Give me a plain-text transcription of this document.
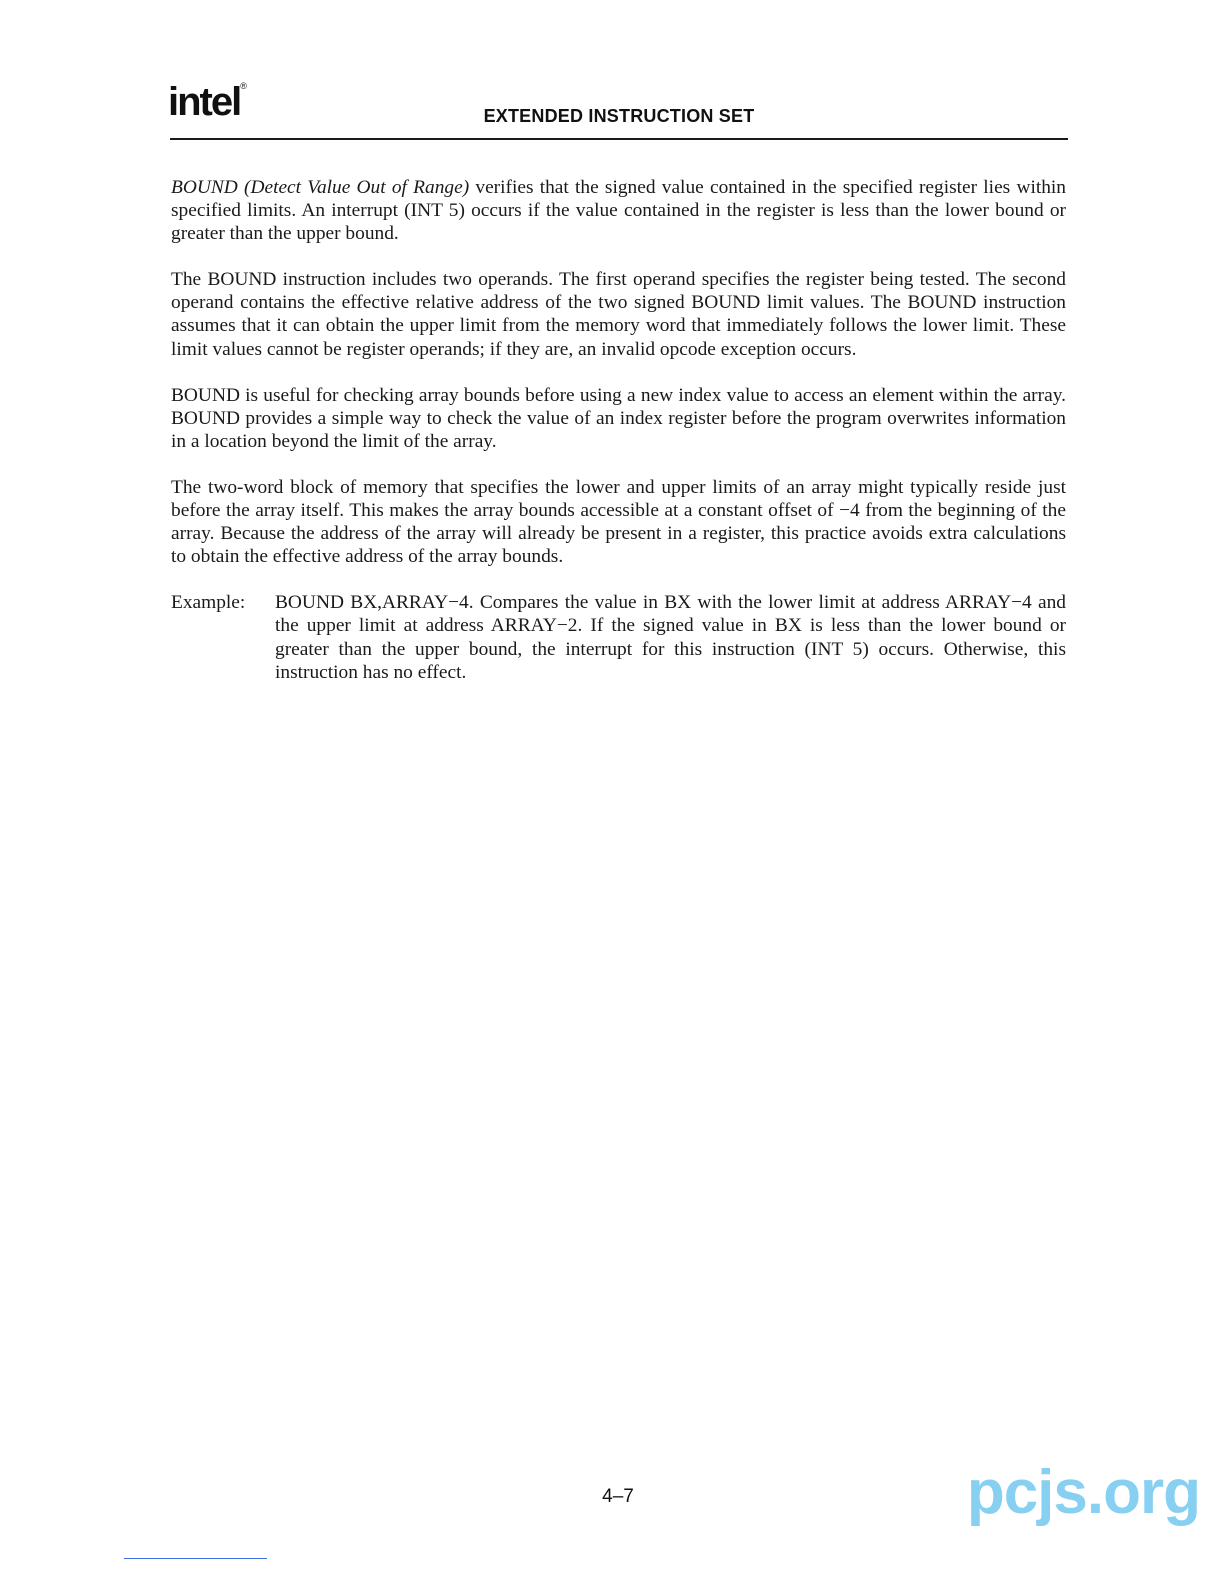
intel®
EXTENDED INSTRUCTION SET

BOUND (Detect Value Out of Range) verifies that the signed value contained in the specified register lies within specified limits. An interrupt (INT 5) occurs if the value contained in the register is less than the lower bound or greater than the upper bound.

The BOUND instruction includes two operands. The first operand specifies the register being tested. The second operand contains the effective relative address of the two signed BOUND limit values. The BOUND instruction assumes that it can obtain the upper limit from the memory word that immediately follows the lower limit. These limit values cannot be register operands; if they are, an invalid opcode exception occurs.

BOUND is useful for checking array bounds before using a new index value to access an element within the array. BOUND provides a simple way to check the value of an index register before the program overwrites information in a location beyond the limit of the array.

The two-word block of memory that specifies the lower and upper limits of an array might typically reside just before the array itself. This makes the array bounds accessible at a constant offset of −4 from the beginning of the array. Because the address of the array will already be present in a register, this practice avoids extra calculations to obtain the effective address of the array bounds.

Example:	BOUND BX,ARRAY−4. Compares the value in BX with the lower limit at address ARRAY−4 and the upper limit at address ARRAY−2. If the signed value in BX is less than the lower bound or greater than the upper bound, the interrupt for this instruction (INT 5) occurs. Otherwise, this instruction has no effect.
4–7	pcjs.org
